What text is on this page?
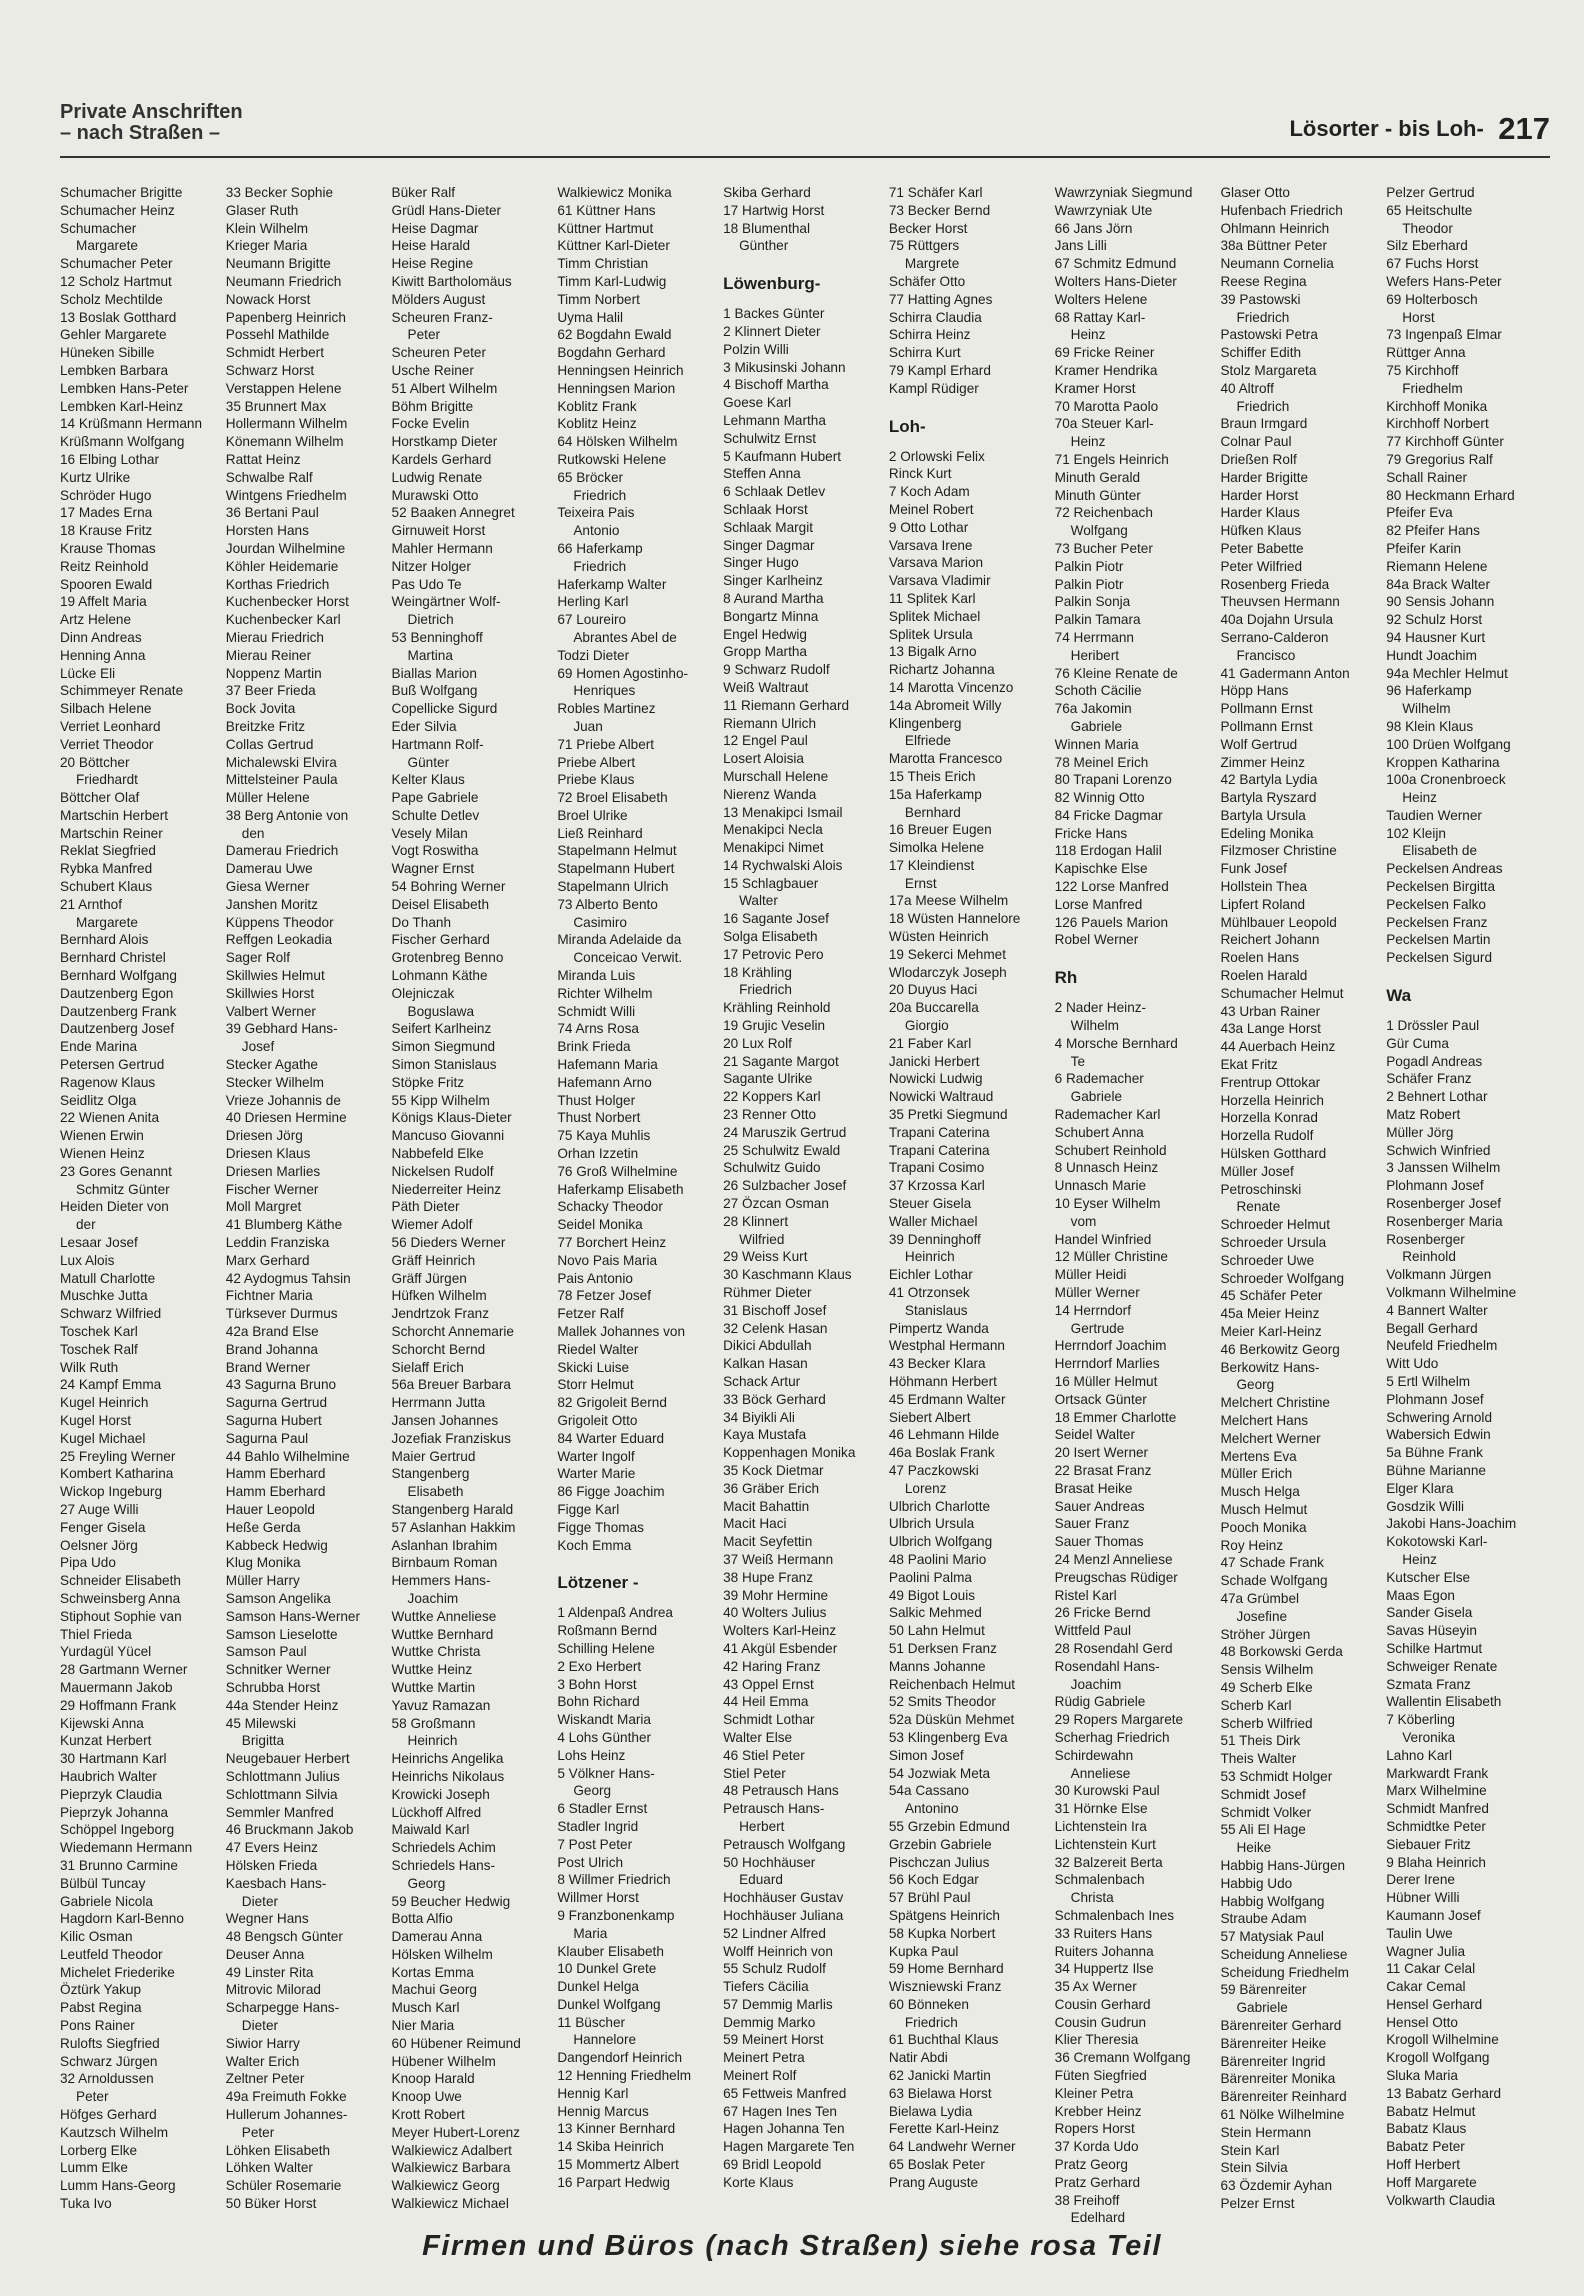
Private Anschriften
– nach Straßen –	Lösorter - bis Loh- 217
Schumacher Brigitte
Schumacher Heinz
Schumacher
Margarete
Schumacher Peter
12 Scholz Hartmut
Scholz Mechtilde
13 Boslak Gotthard
Gehler Margarete
Hüneken Sibille
Lembken Barbara
Lembken Hans-Peter
Lembken Karl-Heinz
14 Krüßmann Hermann
Krüßmann Wolfgang
16 Elbing Lothar
Kurtz Ulrike
Schröder Hugo
17 Mades Erna
18 Krause Fritz
Krause Thomas
Reitz Reinhold
Spooren Ewald
19 Affelt Maria
Artz Helene
Dinn Andreas
Henning Anna
Lücke Eli
Schimmeyer Renate
Silbach Helene
Verriet Leonhard
Verriet Theodor
20 Böttcher
Friedhardt
Böttcher Olaf
Martschin Herbert
Martschin Reiner
Reklat Siegfried
Rybka Manfred
Schubert Klaus
21 Arnthof
Margarete
Bernhard Alois
Bernhard Christel
Bernhard Wolfgang
Dautzenberg Egon
Dautzenberg Frank
Dautzenberg Josef
Ende Marina
Petersen Gertrud
Ragenow Klaus
Seidlitz Olga
22 Wienen Anita
Wienen Erwin
Wienen Heinz
23 Gores Genannt
Schmitz Günter
Heiden Dieter von
der
Lesaar Josef
Lux Alois
Matull Charlotte
Muschke Jutta
Schwarz Wilfried
Toschek Karl
Toschek Ralf
Wilk Ruth
24 Kampf Emma
Kugel Heinrich
Kugel Horst
Kugel Michael
25 Freyling Werner
Kombert Katharina
Wickop Ingeburg
27 Auge Willi
Fenger Gisela
Oelsner Jörg
Pipa Udo
Schneider Elisabeth
Schweinsberg Anna
Stiphout Sophie van
Thiel Frieda
Yurdagül Yücel
28 Gartmann Werner
Mauermann Jakob
29 Hoffmann Frank
Kijewski Anna
Kunzat Herbert
30 Hartmann Karl
Haubrich Walter
Pieprzyk Claudia
Pieprzyk Johanna
Schöppel Ingeborg
Wiedemann Hermann
31 Brunno Carmine
Bülbül Tuncay
Gabriele Nicola
Hagdorn Karl-Benno
Kilic Osman
Leutfeld Theodor
Michelet Friederike
Öztürk Yakup
Pabst Regina
Pons Rainer
Rulofts Siegfried
Schwarz Jürgen
32 Arnoldussen
Peter
Höfges Gerhard
Kautzsch Wilhelm
Lorberg Elke
Lumm Elke
Lumm Hans-Georg
Tuka Ivo
33 Becker Sophie
Glaser Ruth
Klein Wilhelm
Krieger Maria
Neumann Brigitte
Neumann Friedrich
Nowack Horst
Papenberg Heinrich
Possehl Mathilde
Schmidt Herbert
Schwarz Horst
Verstappen Helene
35 Brunnert Max
Hollermann Wilhelm
Könemann Wilhelm
Rattat Heinz
Schwalbe Ralf
Wintgens Friedhelm
36 Bertani Paul
Horsten Hans
Jourdan Wilhelmine
Köhler Heidemarie
Korthas Friedrich
Kuchenbecker Horst
Kuchenbecker Karl
Mierau Friedrich
Mierau Reiner
Noppenz Martin
37 Beer Frieda
Bock Jovita
Breitzke Fritz
Collas Gertrud
Michalewski Elvira
Mittelsteiner Paula
Müller Helene
38 Berg Antonie von
den
Damerau Friedrich
Damerau Uwe
Giesa Werner
Janshen Moritz
Küppens Theodor
Reffgen Leokadia
Sager Rolf
Skillwies Helmut
Skillwies Horst
Valbert Werner
39 Gebhard Hans-
Josef
Stecker Agathe
Stecker Wilhelm
Vrieze Johannis de
40 Driesen Hermine
Driesen Jörg
Driesen Klaus
Driesen Marlies
Fischer Werner
Moll Margret
41 Blumberg Käthe
Leddin Franziska
Marx Gerhard
42 Aydogmus Tahsin
Fichtner Maria
Türksever Durmus
42a Brand Else
Brand Johanna
Brand Werner
43 Sagurna Bruno
Sagurna Gertrud
Sagurna Hubert
Sagurna Paul
44 Bahlo Wilhelmine
Hamm Eberhard
Hamm Eberhard
Hauer Leopold
Heße Gerda
Kabbeck Hedwig
Klug Monika
Müller Harry
Samson Angelika
Samson Hans-Werner
Samson Lieselotte
Samson Paul
Schnitker Werner
Schrubba Horst
44a Stender Heinz
45 Milewski
Brigitta
Neugebauer Herbert
Schlottmann Julius
Schlottmann Silvia
Semmler Manfred
46 Bruckmann Jakob
47 Evers Heinz
Hölsken Frieda
Kaesbach Hans-
Dieter
Wegner Hans
48 Bengsch Günter
Deuser Anna
49 Linster Rita
Mitrovic Milorad
Scharpegge Hans-
Dieter
Siwior Harry
Walter Erich
Zeltner Peter
49a Freimuth Fokke
Hullerum Johannes-
Peter
Löhken Elisabeth
Löhken Walter
Schüler Rosemarie
50 Büker Horst
Büker Ralf
Grüdl Hans-Dieter
Heise Dagmar
Heise Harald
Heise Regine
Kiwitt Bartholomäus
Mölders August
Scheuren Franz-
Peter
Scheuren Peter
Usche Reiner
51 Albert Wilhelm
Böhm Brigitte
Focke Evelin
Horstkamp Dieter
Kardels Gerhard
Ludwig Renate
Murawski Otto
52 Baaken Annegret
Girnuweit Horst
Mahler Hermann
Nitzer Holger
Pas Udo Te
Weingärtner Wolf-
Dietrich
53 Benninghoff
Martina
Biallas Marion
Buß Wolfgang
Copellicke Sigurd
Eder Silvia
Hartmann Rolf-
Günter
Kelter Klaus
Pape Gabriele
Schulte Detlev
Vesely Milan
Vogt Roswitha
Wagner Ernst
54 Bohring Werner
Deisel Elisabeth
Do Thanh
Fischer Gerhard
Grotenbreg Benno
Lohmann Käthe
Olejniczak
Boguslawa
Seifert Karlheinz
Simon Siegmund
Simon Stanislaus
Stöpke Fritz
55 Kipp Wilhelm
Königs Klaus-Dieter
Mancuso Giovanni
Nabbefeld Elke
Nickelsen Rudolf
Niederreiter Heinz
Päth Dieter
Wiemer Adolf
56 Dieders Werner
Gräff Heinrich
Gräff Jürgen
Hüfken Wilhelm
Jendrtzok Franz
Schorcht Annemarie
Schorcht Bernd
Sielaff Erich
56a Breuer Barbara
Herrmann Jutta
Jansen Johannes
Jozefiak Franziskus
Maier Gertrud
Stangenberg
Elisabeth
Stangenberg Harald
57 Aslanhan Hakkim
Aslanhan Ibrahim
Birnbaum Roman
Hemmers Hans-
Joachim
Wuttke Anneliese
Wuttke Bernhard
Wuttke Christa
Wuttke Heinz
Wuttke Martin
Yavuz Ramazan
58 Großmann
Heinrich
Heinrichs Angelika
Heinrichs Nikolaus
Krowicki Joseph
Lückhoff Alfred
Maiwald Karl
Schriedels Achim
Schriedels Hans-
Georg
59 Beucher Hedwig
Botta Alfio
Damerau Anna
Hölsken Wilhelm
Kortas Emma
Machui Georg
Musch Karl
Nier Maria
60 Hübener Reimund
Hübener Wilhelm
Knoop Harald
Knoop Uwe
Krott Robert
Meyer Hubert-Lorenz
Walkiewicz Adalbert
Walkiewicz Barbara
Walkiewicz Georg
Walkiewicz Michael
Walkiewicz Monika
61 Küttner Hans
Küttner Hartmut
Küttner Karl-Dieter
Timm Christian
Timm Karl-Ludwig
Timm Norbert
Uyma Halil
62 Bogdahn Ewald
Bogdahn Gerhard
Henningsen Heinrich
Henningsen Marion
Koblitz Frank
Koblitz Heinz
64 Hölsken Wilhelm
Rutkowski Helene
65 Bröcker
Friedrich
Teixeira Pais
Antonio
66 Haferkamp
Friedrich
Haferkamp Walter
Herling Karl
67 Loureiro
Abrantes Abel de
Todzi Dieter
69 Homen Agostinho-
Henriques
Robles Martinez
Juan
71 Priebe Albert
Priebe Albert
Priebe Klaus
72 Broel Elisabeth
Broel Ulrike
Ließ Reinhard
Stapelmann Helmut
Stapelmann Hubert
Stapelmann Ulrich
73 Alberto Bento
Casimiro
Miranda Adelaide da
Conceicao Verwit.
Miranda Luis
Richter Wilhelm
Schmidt Willi
74 Arns Rosa
Brink Frieda
Hafemann Maria
Hafemann Arno
Thust Holger
Thust Norbert
75 Kaya Muhlis
Orhan Izzetin
76 Groß Wilhelmine
Haferkamp Elisabeth
Schacky Theodor
Seidel Monika
77 Borchert Heinz
Novo Pais Maria
Pais Antonio
78 Fetzer Josef
Fetzer Ralf
Mallek Johannes von
Riedel Walter
Skicki Luise
Storr Helmut
82 Grigoleit Bernd
Grigoleit Otto
84 Warter Eduard
Warter Ingolf
Warter Marie
86 Figge Joachim
Figge Karl
Figge Thomas
Koch Emma
Lötzener -
1 Aldenpaß Andrea
Roßmann Bernd
Schilling Helene
2 Exo Herbert
3 Bohn Horst
Bohn Richard
Wiskandt Maria
4 Lohs Günther
Lohs Heinz
5 Völkner Hans-
Georg
6 Stadler Ernst
Stadler Ingrid
7 Post Peter
Post Ulrich
8 Willmer Friedrich
Willmer Horst
9 Franzbonenkamp
Maria
Klauber Elisabeth
10 Dunkel Grete
Dunkel Helga
Dunkel Wolfgang
11 Büscher
Hannelore
Dangendorf Heinrich
12 Henning Friedhelm
Hennig Karl
Hennig Marcus
13 Kinner Bernhard
14 Skiba Heinrich
15 Mommertz Albert
16 Parpart Hedwig
Skiba Gerhard
17 Hartwig Horst
18 Blumenthal
Günther
Löwenburg-
1 Backes Günter
2 Klinnert Dieter
Polzin Willi
3 Mikusinski Johann
4 Bischoff Martha
Goese Karl
Lehmann Martha
Schulwitz Ernst
5 Kaufmann Hubert
Steffen Anna
6 Schlaak Detlev
Schlaak Horst
Schlaak Margit
Singer Dagmar
Singer Hugo
Singer Karlheinz
8 Aurand Martha
Bongartz Minna
Engel Hedwig
Gropp Martha
9 Schwarz Rudolf
Weiß Waltraut
11 Riemann Gerhard
Riemann Ulrich
12 Engel Paul
Losert Aloisia
Murschall Helene
Nierenz Wanda
13 Menakipci Ismail
Menakipci Necla
Menakipci Nimet
14 Rychwalski Alois
15 Schlagbauer
Walter
16 Sagante Josef
Solga Elisabeth
17 Petrovic Pero
18 Krähling
Friedrich
Krähling Reinhold
19 Grujic Veselin
20 Lux Rolf
21 Sagante Margot
Sagante Ulrike
22 Koppers Karl
23 Renner Otto
24 Maruszik Gertrud
25 Schulwitz Ewald
Schulwitz Guido
26 Sulzbacher Josef
27 Özcan Osman
28 Klinnert
Wilfried
29 Weiss Kurt
30 Kaschmann Klaus
Rühmer Dieter
31 Bischoff Josef
32 Celenk Hasan
Dikici Abdullah
Kalkan Hasan
Schack Artur
33 Böck Gerhard
34 Biyikli Ali
Kaya Mustafa
Koppenhagen Monika
35 Kock Dietmar
36 Gräber Erich
Macit Bahattin
Macit Haci
Macit Seyfettin
37 Weiß Hermann
38 Hupe Franz
39 Mohr Hermine
40 Wolters Julius
Wolters Karl-Heinz
41 Akgül Esbender
42 Haring Franz
43 Oppel Ernst
44 Heil Emma
Schmidt Lothar
Walter Else
46 Stiel Peter
Stiel Peter
48 Petrausch Hans
Petrausch Hans-
Herbert
Petrausch Wolfgang
50 Hochhäuser
Eduard
Hochhäuser Gustav
Hochhäuser Juliana
52 Lindner Alfred
Wolff Heinrich von
55 Schulz Rudolf
Tiefers Cäcilia
57 Demmig Marlis
Demmig Marko
59 Meinert Horst
Meinert Petra
Meinert Rolf
65 Fettweis Manfred
67 Hagen Ines Ten
Hagen Johanna Ten
Hagen Margarete Ten
69 Bridl Leopold
Korte Klaus
71 Schäfer Karl
73 Becker Bernd
Becker Horst
75 Rüttgers
Margrete
Schäfer Otto
77 Hatting Agnes
Schirra Claudia
Schirra Heinz
Schirra Kurt
79 Kampl Erhard
Kampl Rüdiger
Loh-
2 Orlowski Felix
Rinck Kurt
7 Koch Adam
Meinel Robert
9 Otto Lothar
Varsava Irene
Varsava Marion
Varsava Vladimir
11 Splitek Karl
Splitek Michael
Splitek Ursula
13 Bigalk Arno
Richartz Johanna
14 Marotta Vincenzo
14a Abromeit Willy
Klingenberg
Elfriede
Marotta Francesco
15 Theis Erich
15a Haferkamp
Bernhard
16 Breuer Eugen
Simolka Helene
17 Kleindienst
Ernst
17a Meese Wilhelm
18 Wüsten Hannelore
Wüsten Heinrich
19 Sekerci Mehmet
Wlodarczyk Joseph
20 Duyus Haci
20a Buccarella
Giorgio
21 Faber Karl
Janicki Herbert
Nowicki Ludwig
Nowicki Waltraud
35 Pretki Siegmund
Trapani Caterina
Trapani Caterina
Trapani Cosimo
37 Krzossa Karl
Steuer Gisela
Waller Michael
39 Denninghoff
Heinrich
Eichler Lothar
41 Otrzonsek
Stanislaus
Pimpertz Wanda
Westphal Hermann
43 Becker Klara
Höhmann Herbert
45 Erdmann Walter
Siebert Albert
46 Lehmann Hilde
46a Boslak Frank
47 Paczkowski
Lorenz
Ulbrich Charlotte
Ulbrich Ursula
Ulbrich Wolfgang
48 Paolini Mario
Paolini Palma
49 Bigot Louis
Salkic Mehmed
50 Lahn Helmut
51 Derksen Franz
Manns Johanne
Reichenbach Helmut
52 Smits Theodor
52a Düskün Mehmet
53 Klingenberg Eva
Simon Josef
54 Jozwiak Meta
54a Cassano
Antonino
55 Grzebin Edmund
Grzebin Gabriele
Pischczan Julius
56 Koch Edgar
57 Brühl Paul
Spätgens Heinrich
58 Kupka Norbert
Kupka Paul
59 Home Bernhard
Wiszniewski Franz
60 Bönneken
Friedrich
61 Buchthal Klaus
Natir Abdi
62 Janicki Martin
63 Bielawa Horst
Bielawa Lydia
Ferette Karl-Heinz
64 Landwehr Werner
65 Boslak Peter
Prang Auguste
Wawrzyniak Siegmund
Wawrzyniak Ute
66 Jans Jörn
Jans Lilli
67 Schmitz Edmund
Wolters Hans-Dieter
Wolters Helene
68 Rattay Karl-
Heinz
69 Fricke Reiner
Kramer Hendrika
Kramer Horst
70 Marotta Paolo
70a Steuer Karl-
Heinz
71 Engels Heinrich
Minuth Gerald
Minuth Günter
72 Reichenbach
Wolfgang
73 Bucher Peter
Palkin Piotr
Palkin Piotr
Palkin Sonja
Palkin Tamara
74 Herrmann
Heribert
76 Kleine Renate de
Schoth Cäcilie
76a Jakomin
Gabriele
Winnen Maria
78 Meinel Erich
80 Trapani Lorenzo
82 Winnig Otto
84 Fricke Dagmar
Fricke Hans
118 Erdogan Halil
Kapischke Else
122 Lorse Manfred
Lorse Manfred
126 Pauels Marion
Robel Werner
Rh
2 Nader Heinz-
Wilhelm
4 Morsche Bernhard
Te
6 Rademacher
Gabriele
Rademacher Karl
Schubert Anna
Schubert Reinhold
8 Unnasch Heinz
Unnasch Marie
10 Eyser Wilhelm
vom
Handel Winfried
12 Müller Christine
Müller Heidi
Müller Werner
14 Herrndorf
Gertrude
Herrndorf Joachim
Herrndorf Marlies
16 Müller Helmut
Ortsack Günter
18 Emmer Charlotte
Seidel Walter
20 Isert Werner
22 Brasat Franz
Brasat Heike
Sauer Andreas
Sauer Franz
Sauer Thomas
24 Menzl Anneliese
Preugschas Rüdiger
Ristel Karl
26 Fricke Bernd
Wittfeld Paul
28 Rosendahl Gerd
Rosendahl Hans-
Joachim
Rüdig Gabriele
29 Ropers Margarete
Scherhag Friedrich
Schirdewahn
Anneliese
30 Kurowski Paul
31 Hörnke Else
Lichtenstein Ira
Lichtenstein Kurt
32 Balzereit Berta
Schmalenbach
Christa
Schmalenbach Ines
33 Ruiters Hans
Ruiters Johanna
34 Huppertz Ilse
35 Ax Werner
Cousin Gerhard
Cousin Gudrun
Klier Theresia
36 Cremann Wolfgang
Füten Siegfried
Kleiner Petra
Krebber Heinz
Ropers Horst
37 Korda Udo
Pratz Georg
Pratz Gerhard
38 Freihoff
Edelhard
Glaser Otto
Hufenbach Friedrich
Ohlmann Heinrich
38a Büttner Peter
Neumann Cornelia
Reese Regina
39 Pastowski
Friedrich
Pastowski Petra
Schiffer Edith
Stolz Margareta
40 Altroff
Friedrich
Braun Irmgard
Colnar Paul
Drießen Rolf
Harder Brigitte
Harder Horst
Harder Klaus
Hüfken Klaus
Peter Babette
Peter Wilfried
Rosenberg Frieda
Theuvsen Hermann
40a Dojahn Ursula
Serrano-Calderon
Francisco
41 Gadermann Anton
Höpp Hans
Pollmann Ernst
Pollmann Ernst
Wolf Gertrud
Zimmer Heinz
42 Bartyla Lydia
Bartyla Ryszard
Bartyla Ursula
Edeling Monika
Filzmoser Christine
Funk Josef
Hollstein Thea
Lipfert Roland
Mühlbauer Leopold
Reichert Johann
Roelen Hans
Roelen Harald
Schumacher Helmut
43 Urban Rainer
43a Lange Horst
44 Auerbach Heinz
Ekat Fritz
Frentrup Ottokar
Horzella Heinrich
Horzella Konrad
Horzella Rudolf
Hülsken Gotthard
Müller Josef
Petroschinski
Renate
Schroeder Helmut
Schroeder Ursula
Schroeder Uwe
Schroeder Wolfgang
45 Schäfer Peter
45a Meier Heinz
Meier Karl-Heinz
46 Berkowitz Georg
Berkowitz Hans-
Georg
Melchert Christine
Melchert Hans
Melchert Werner
Mertens Eva
Müller Erich
Musch Helga
Musch Helmut
Pooch Monika
Roy Heinz
47 Schade Frank
Schade Wolfgang
47a Grümbel
Josefine
Ströher Jürgen
48 Borkowski Gerda
Sensis Wilhelm
49 Scherb Elke
Scherb Karl
Scherb Wilfried
51 Theis Dirk
Theis Walter
53 Schmidt Holger
Schmidt Josef
Schmidt Volker
55 Ali El Hage
Heike
Habbig Hans-Jürgen
Habbig Udo
Habbig Wolfgang
Straube Adam
57 Matysiak Paul
Scheidung Anneliese
Scheidung Friedhelm
59 Bärenreiter
Gabriele
Bärenreiter Gerhard
Bärenreiter Heike
Bärenreiter Ingrid
Bärenreiter Monika
Bärenreiter Reinhard
61 Nölke Wilhelmine
Stein Hermann
Stein Karl
Stein Silvia
63 Özdemir Ayhan
Pelzer Ernst
Pelzer Gertrud
65 Heitschulte
Theodor
Silz Eberhard
67 Fuchs Horst
Wefers Hans-Peter
69 Holterbosch
Horst
73 Ingenpaß Elmar
Rüttger Anna
75 Kirchhoff
Friedhelm
Kirchhoff Monika
Kirchhoff Norbert
77 Kirchhoff Günter
79 Gregorius Ralf
Schall Rainer
80 Heckmann Erhard
Pfeifer Eva
82 Pfeifer Hans
Pfeifer Karin
Riemann Helene
84a Brack Walter
90 Sensis Johann
92 Schulz Horst
94 Hausner Kurt
Hundt Joachim
94a Mechler Helmut
96 Haferkamp
Wilhelm
98 Klein Klaus
100 Drüen Wolfgang
Kroppen Katharina
100a Cronenbroeck
Heinz
Taudien Werner
102 Kleijn
Elisabeth de
Peckelsen Andreas
Peckelsen Birgitta
Peckelsen Falko
Peckelsen Franz
Peckelsen Martin
Peckelsen Sigurd
Wa
1 Drössler Paul
Gür Cuma
Pogadl Andreas
Schäfer Franz
2 Behnert Lothar
Matz Robert
Müller Jörg
Schwich Winfried
3 Janssen Wilhelm
Plohmann Josef
Rosenberger Josef
Rosenberger Maria
Rosenberger
Reinhold
Volkmann Jürgen
Volkmann Wilhelmine
4 Bannert Walter
Begall Gerhard
Neufeld Friedhelm
Witt Udo
5 Ertl Wilhelm
Plohmann Josef
Schwering Arnold
Wabersich Edwin
5a Bühne Frank
Bühne Marianne
Elger Klara
Gosdzik Willi
Jakobi Hans-Joachim
Kokotowski Karl-
Heinz
Kutscher Else
Maas Egon
Sander Gisela
Savas Hüseyin
Schilke Hartmut
Schweiger Renate
Szmata Franz
Wallentin Elisabeth
7 Köberling
Veronika
Lahno Karl
Markwardt Frank
Marx Wilhelmine
Schmidt Manfred
Schmidtke Peter
Siebauer Fritz
9 Blaha Heinrich
Derer Irene
Hübner Willi
Kaumann Josef
Taulin Uwe
Wagner Julia
11 Cakar Celal
Cakar Cemal
Hensel Gerhard
Hensel Otto
Krogoll Wilhelmine
Krogoll Wolfgang
Sluka Maria
13 Babatz Gerhard
Babatz Helmut
Babatz Klaus
Babatz Peter
Hoff Herbert
Hoff Margarete
Volkwarth Claudia
Firmen und Büros (nach Straßen) siehe rosa Teil
